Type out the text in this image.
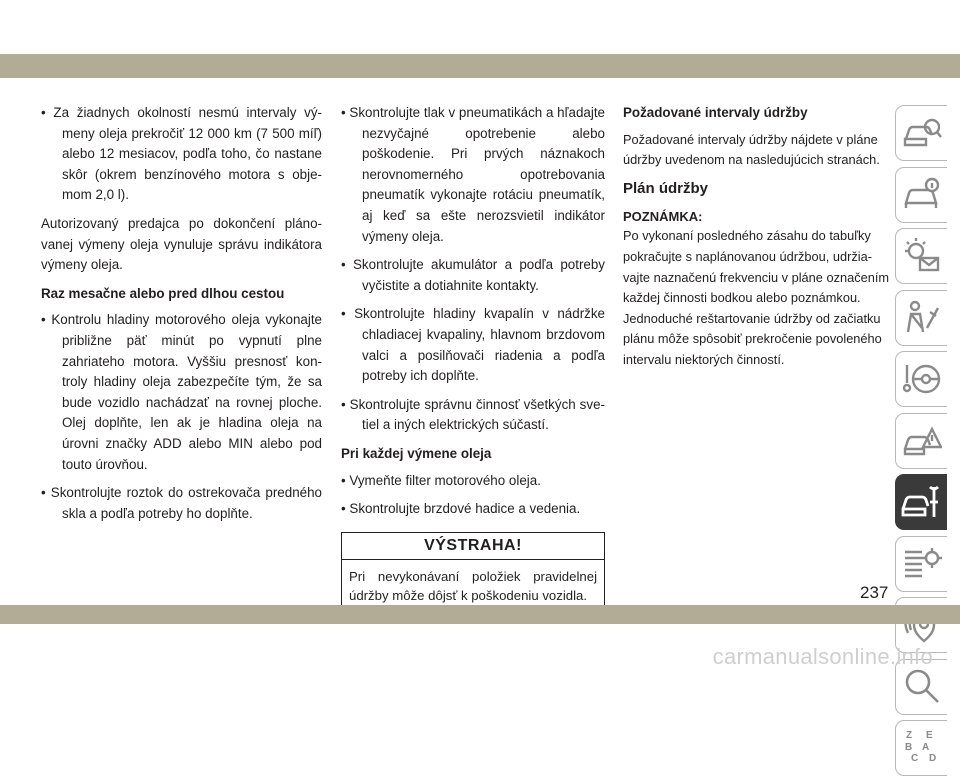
• Za žiadnych okolností nesmú intervaly výmeny oleja prekročiť 12 000 km (7 500 míľ) alebo 12 mesiacov, podľa toho, čo nastane skôr (okrem benzínového motora s objemom 2,0 l).

Autorizovaný predajca po dokončení plánovanej výmeny oleja vynuluje správu indikátora výmeny oleja.

Raz mesačne alebo pred dlhou cestou
• Kontrolu hladiny motorového oleja vykonajte približne päť minút po vypnutí plne zahriateho motora. Vyššiu presnosť kontroly hladiny oleja zabezpečíte tým, že sa bude vozidlo nachádzať na rovnej ploche. Olej doplňte, len ak je hladina oleja na úrovni značky ADD alebo MIN alebo pod touto úrovňou.
• Skontrolujte roztok do ostrekovača predného skla a podľa potreby ho doplňte.
• Skontrolujte tlak v pneumatikách a hľadajte nezvyčajné opotrebenie alebo poškodenie. Pri prvých náznakoch nerovnomerného opotrebovania pneumatík vykonajte rotáciu pneumatík, aj keď sa ešte nerozsvietil indikátor výmeny oleja.
• Skontrolujte akumulátor a podľa potreby vyčistite a dotiahnite kontakty.
• Skontrolujte hladiny kvapalín v nádržke chladiacej kvapaliny, hlavnom brzdovom valci a posilňovači riadenia a podľa potreby ich doplňte.
• Skontrolujte správnu činnosť všetkých svetiel a iných elektrických súčastí.
Pri každej výmene oleja
• Vymeňte filter motorového oleja.
• Skontrolujte brzdové hadice a vedenia.
VÝSTRAHA!
Pri nevykonávaní položiek pravidelnej údržby môže dôjsť k poškodeniu vozidla.
Požadované intervaly údržby

Požadované intervaly údržby nájdete v pláne údržby uvedenom na nasledujúcich stranách.

Plán údržby
POZNÁMKA:

Po vykonaní posledného zásahu do tabuľky pokračujte s naplánovanou údržbou, udržiavajte naznačenú frekvenciu v pláne označením každej činnosti bodkou alebo poznámkou. Jednoduché reštartovanie údržby od začiatku plánu môže spôsobiť prekročenie povoleného intervalu niektorých činností.

Z E
B A
C D
237
carmanualsonline.info
